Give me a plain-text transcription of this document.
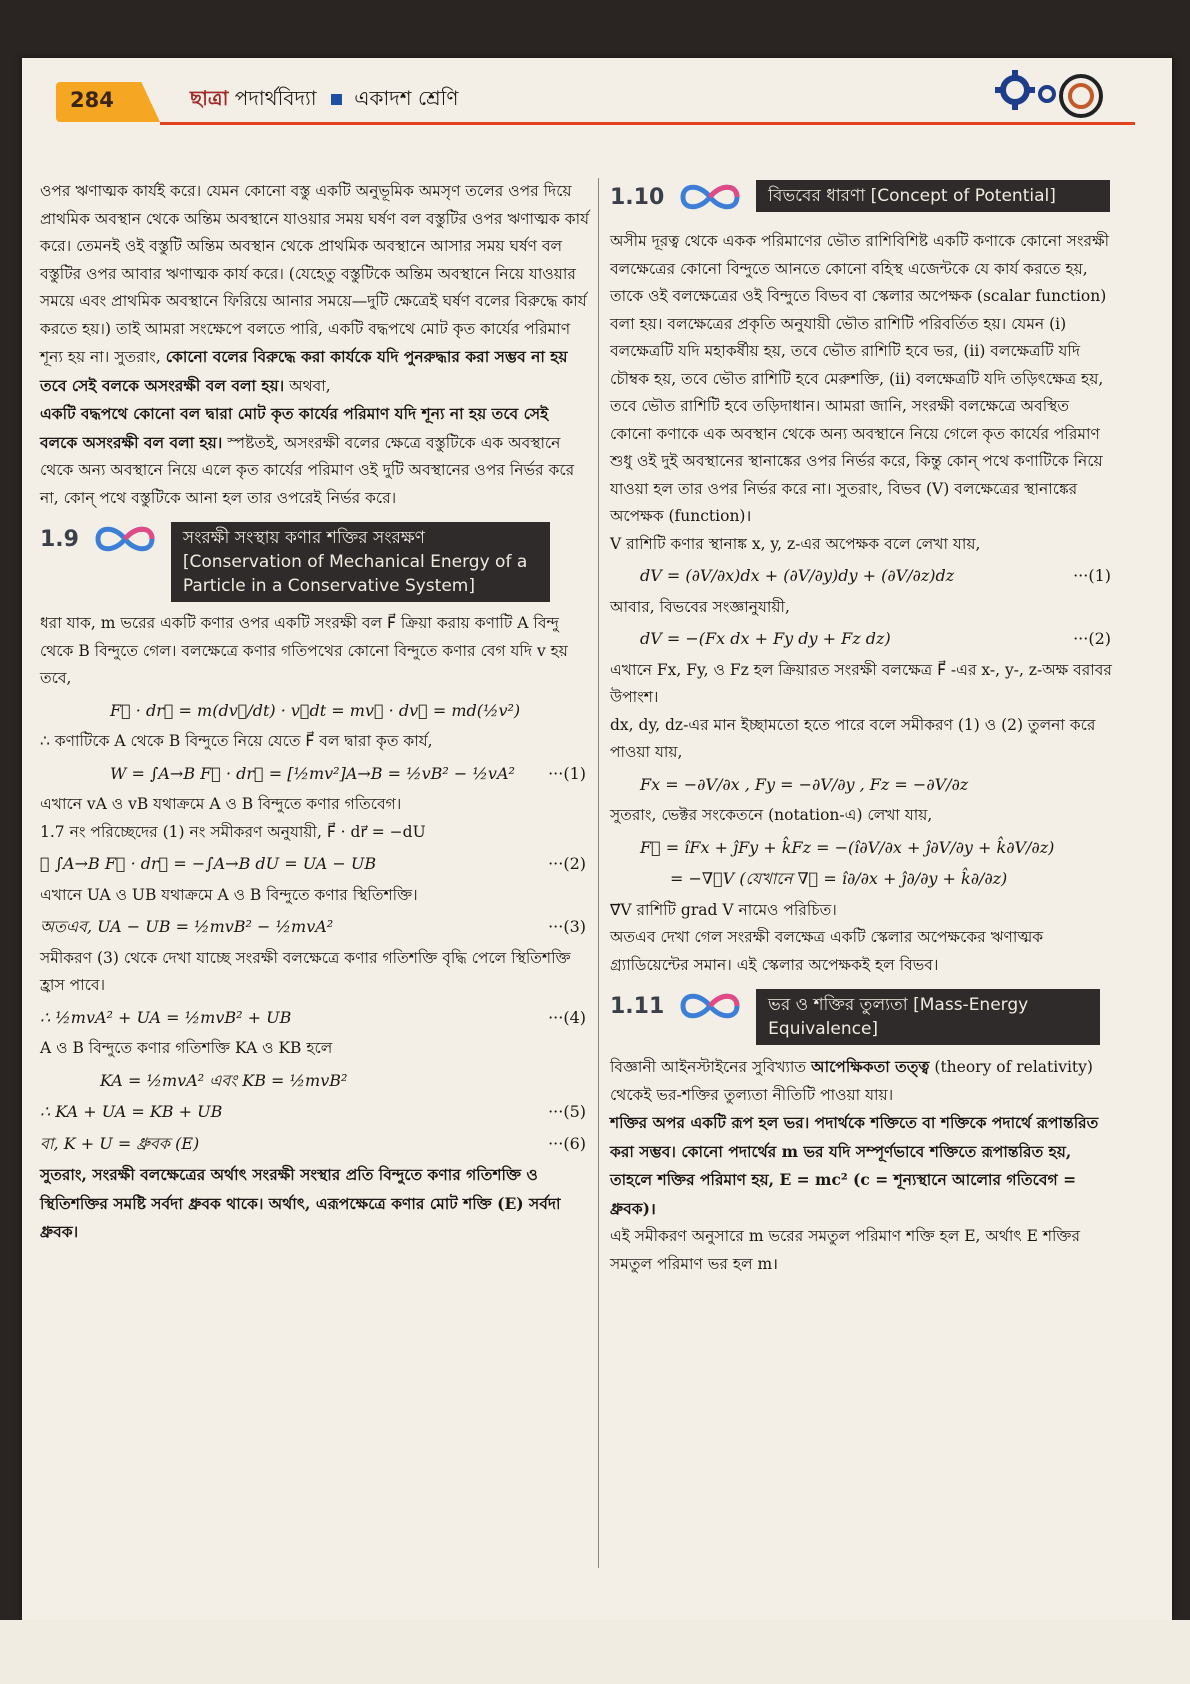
284	ছাত্রা পদার্থবিদ্যা একাদশ শ্রেণি

ওপর ঋণাত্মক কার্যই করে। যেমন কোনো বস্তু একটি অনুভূমিক অমসৃণ তলের ওপর দিয়ে প্রাথমিক অবস্থান থেকে অন্তিম অবস্থানে যাওয়ার সময় ঘর্ষণ বল বস্তুটির ওপর ঋণাত্মক কার্য করে। তেমনই ওই বস্তুটি অন্তিম অবস্থান থেকে প্রাথমিক অবস্থানে আসার সময় ঘর্ষণ বল বস্তুটির ওপর আবার ঋণাত্মক কার্য করে। (যেহেতু বস্তুটিকে অন্তিম অবস্থানে নিয়ে যাওয়ার সময়ে এবং প্রাথমিক অবস্থানে ফিরিয়ে আনার সময়ে—দুটি ক্ষেত্রেই ঘর্ষণ বলের বিরুদ্ধে কার্য করতে হয়।) তাই আমরা সংক্ষেপে বলতে পারি, একটি বদ্ধপথে মোট কৃত কার্যের পরিমাণ শূন্য হয় না। সুতরাং, কোনো বলের বিরুদ্ধে করা কার্যকে যদি পুনরুদ্ধার করা সম্ভব না হয় তবে সেই বলকে অসংরক্ষী বল বলা হয়। অথবা,
একটি বদ্ধপথে কোনো বল দ্বারা মোট কৃত কার্যের পরিমাণ যদি শূন্য না হয় তবে সেই বলকে অসংরক্ষী বল বলা হয়। স্পষ্টতই, অসংরক্ষী বলের ক্ষেত্রে বস্তুটিকে এক অবস্থানে থেকে অন্য অবস্থানে নিয়ে এলে কৃত কার্যের পরিমাণ ওই দুটি অবস্থানের ওপর নির্ভর করে না, কোন্ পথে বস্তুটিকে আনা হল তার ওপরেই নির্ভর করে।

1.9	সংরক্ষী সংস্থায় কণার শক্তির সংরক্ষণ
[Conservation of Mechanical Energy of a
Particle in a Conservative System]

ধরা যাক, m ভরের একটি কণার ওপর একটি সংরক্ষী বল F⃗ ক্রিয়া করায় কণাটি A বিন্দু থেকে B বিন্দুতে গেল। বলক্ষেত্রে কণার গতিপথের কোনো বিন্দুতে কণার বেগ যদি v হয় তবে,

F⃗ · dr⃗ = m(dv⃗/dt) · v⃗dt = mv⃗ · dv⃗ = md(½v²)

∴ কণাটিকে A থেকে B বিন্দুতে নিয়ে যেতে F⃗ বল দ্বারা কৃত কার্য,

W = ∫A→B F⃗ · dr⃗ = [½mv²]A→B = ½vB² − ½vA² ···(1)

এখানে vA ও vB যথাক্রমে A ও B বিন্দুতে কণার গতিবেগ।

1.7 নং পরিচ্ছেদের (1) নং সমীকরণ অনুযায়ী, F⃗ · dr⃗ = −dU

∴ ∫A→B F⃗ · dr⃗ = −∫A→B dU = UA − UB	···(2)

এখানে UA ও UB যথাক্রমে A ও B বিন্দুতে কণার স্থিতিশক্তি।

অতএব, UA − UB = ½mvB² − ½mvA²	···(3)

সমীকরণ (3) থেকে দেখা যাচ্ছে সংরক্ষী বলক্ষেত্রে কণার গতিশক্তি বৃদ্ধি পেলে স্থিতিশক্তি হ্রাস পাবে।

∴ ½mvA² + UA = ½mvB² + UB	···(4)

A ও B বিন্দুতে কণার গতিশক্তি KA ও KB হলে

KA = ½mvA² এবং KB = ½mvB²
∴ KA + UA = KB + UB	···(5)
বা, K + U = ধ্রুবক (E)	···(6)

সুতরাং, সংরক্ষী বলক্ষেত্রের অর্থাৎ সংরক্ষী সংস্থার প্রতি বিন্দুতে কণার গতিশক্তি ও স্থিতিশক্তির সমষ্টি সর্বদা ধ্রুবক থাকে। অর্থাৎ, এরূপক্ষেত্রে কণার মোট শক্তি (E) সর্বদা ধ্রুবক।

1.10	বিভবের ধারণা [Concept of Potential]

অসীম দূরত্ব থেকে একক পরিমাণের ভৌত রাশিবিশিষ্ট একটি কণাকে কোনো সংরক্ষী বলক্ষেত্রের কোনো বিন্দুতে আনতে কোনো বহিস্থ এজেন্টকে যে কার্য করতে হয়, তাকে ওই বলক্ষেত্রের ওই বিন্দুতে বিভব বা স্কেলার অপেক্ষক (scalar function) বলা হয়। বলক্ষেত্রের প্রকৃতি অনুযায়ী ভৌত রাশিটি পরিবর্তিত হয়। যেমন (i) বলক্ষেত্রটি যদি মহাকর্ষীয় হয়, তবে ভৌত রাশিটি হবে ভর, (ii) বলক্ষেত্রটি যদি চৌম্বক হয়, তবে ভৌত রাশিটি হবে মেরুশক্তি, (ii) বলক্ষেত্রটি যদি তড়িৎক্ষেত্র হয়, তবে ভৌত রাশিটি হবে তড়িদাধান। আমরা জানি, সংরক্ষী বলক্ষেত্রে অবস্থিত কোনো কণাকে এক অবস্থান থেকে অন্য অবস্থানে নিয়ে গেলে কৃত কার্যের পরিমাণ শুধু ওই দুই অবস্থানের স্থানাঙ্কের ওপর নির্ভর করে, কিন্তু কোন্ পথে কণাটিকে নিয়ে যাওয়া হল তার ওপর নির্ভর করে না। সুতরাং, বিভব (V) বলক্ষেত্রের স্থানাঙ্কের অপেক্ষক (function)।

V রাশিটি কণার স্থানাঙ্ক x, y, z-এর অপেক্ষক বলে লেখা যায়,

dV = (∂V/∂x)dx + (∂V/∂y)dy + (∂V/∂z)dz	···(1)

আবার, বিভবের সংজ্ঞানুযায়ী,

dV = −(Fx dx + Fy dy + Fz dz)	···(2)

এখানে Fx, Fy, ও Fz হল ক্রিয়ারত সংরক্ষী বলক্ষেত্র F⃗ -এর x-, y-, z-অক্ষ বরাবর উপাংশ।

dx, dy, dz-এর মান ইচ্ছামতো হতে পারে বলে সমীকরণ (1) ও (2) তুলনা করে পাওয়া যায়,

Fx = −∂V/∂x , Fy = −∂V/∂y , Fz = −∂V/∂z

সুতরাং, ভেক্টর সংকেতনে (notation-এ) লেখা যায়,

F⃗ = îFx + ĵFy + k̂Fz = −(î∂V/∂x + ĵ∂V/∂y + k̂∂V/∂z)
= −∇⃗V (যেখানে ∇⃗ = î∂/∂x + ĵ∂/∂y + k̂∂/∂z)

∇⃗V রাশিটি grad V নামেও পরিচিত।

অতএব দেখা গেল সংরক্ষী বলক্ষেত্র একটি স্কেলার অপেক্ষকের ঋণাত্মক গ্র্যাডিয়েন্টের সমান। এই স্কেলার অপেক্ষকই হল বিভব।

1.11	ভর ও শক্তির তুল্যতা [Mass-Energy
Equivalence]

বিজ্ঞানী আইনস্টাইনের সুবিখ্যাত আপেক্ষিকতা তত্ত্ব (theory of relativity) থেকেই ভর-শক্তির তুল্যতা নীতিটি পাওয়া যায়।

শক্তির অপর একটি রূপ হল ভর। পদার্থকে শক্তিতে বা শক্তিকে পদার্থে রূপান্তরিত করা সম্ভব। কোনো পদার্থের m ভর যদি সম্পূর্ণভাবে শক্তিতে রূপান্তরিত হয়, তাহলে শক্তির পরিমাণ হয়, E = mc² (c = শূন্যস্থানে আলোর গতিবেগ = ধ্রুবক)।

এই সমীকরণ অনুসারে m ভরের সমতুল পরিমাণ শক্তি হল E, অর্থাৎ E শক্তির সমতুল পরিমাণ ভর হল m।
